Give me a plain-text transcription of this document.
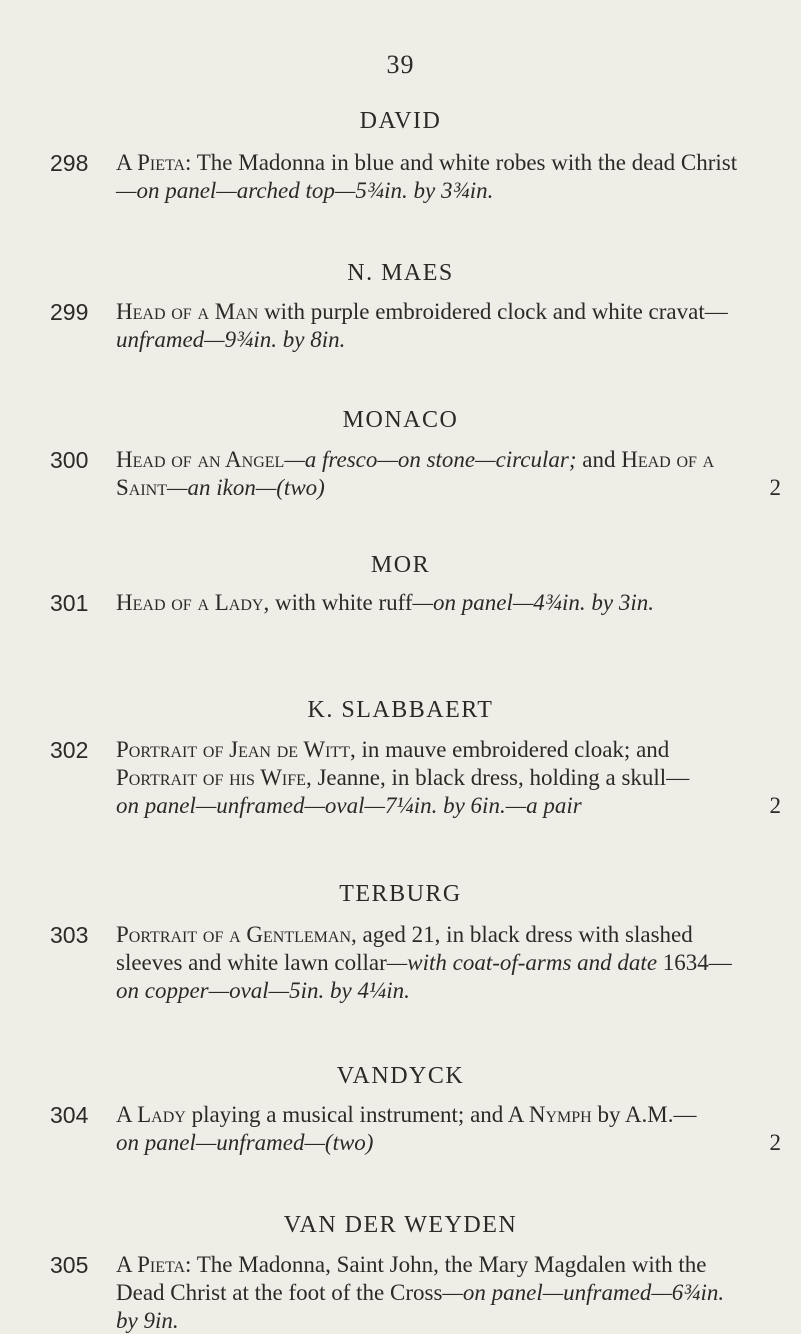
39
DAVID
298 A Pieta: The Madonna in blue and white robes with the dead Christ
—on panel—arched top—5¾in. by 3¾in.
N. MAES
299 Head of a Man with purple embroidered clock and white cravat—
unframed—9¾in. by 8in.
MONACO
300 Head of an Angel—a fresco—on stone—circular; and Head of a
Saint—an ikon—(two)	2
MOR
301 Head of a Lady, with white ruff—on panel—4¾in. by 3in.
K. SLABBAERT
302 Portrait of Jean de Witt, in mauve embroidered cloak; and
Portrait of his Wife, Jeanne, in black dress, holding a skull—
on panel—unframed—oval—7¼in. by 6in.—a pair	2
TERBURG
303 Portrait of a Gentleman, aged 21, in black dress with slashed
sleeves and white lawn collar—with coat-of-arms and date 1634—
on copper—oval—5in. by 4¼in.
VANDYCK
304 A Lady playing a musical instrument; and A Nymph by A.M.—
on panel—unframed—(two)	2
VAN DER WEYDEN
305 A Pieta: The Madonna, Saint John, the Mary Magdalen with the
Dead Christ at the foot of the Cross—on panel—unframed—6¾in.
by 9in.
